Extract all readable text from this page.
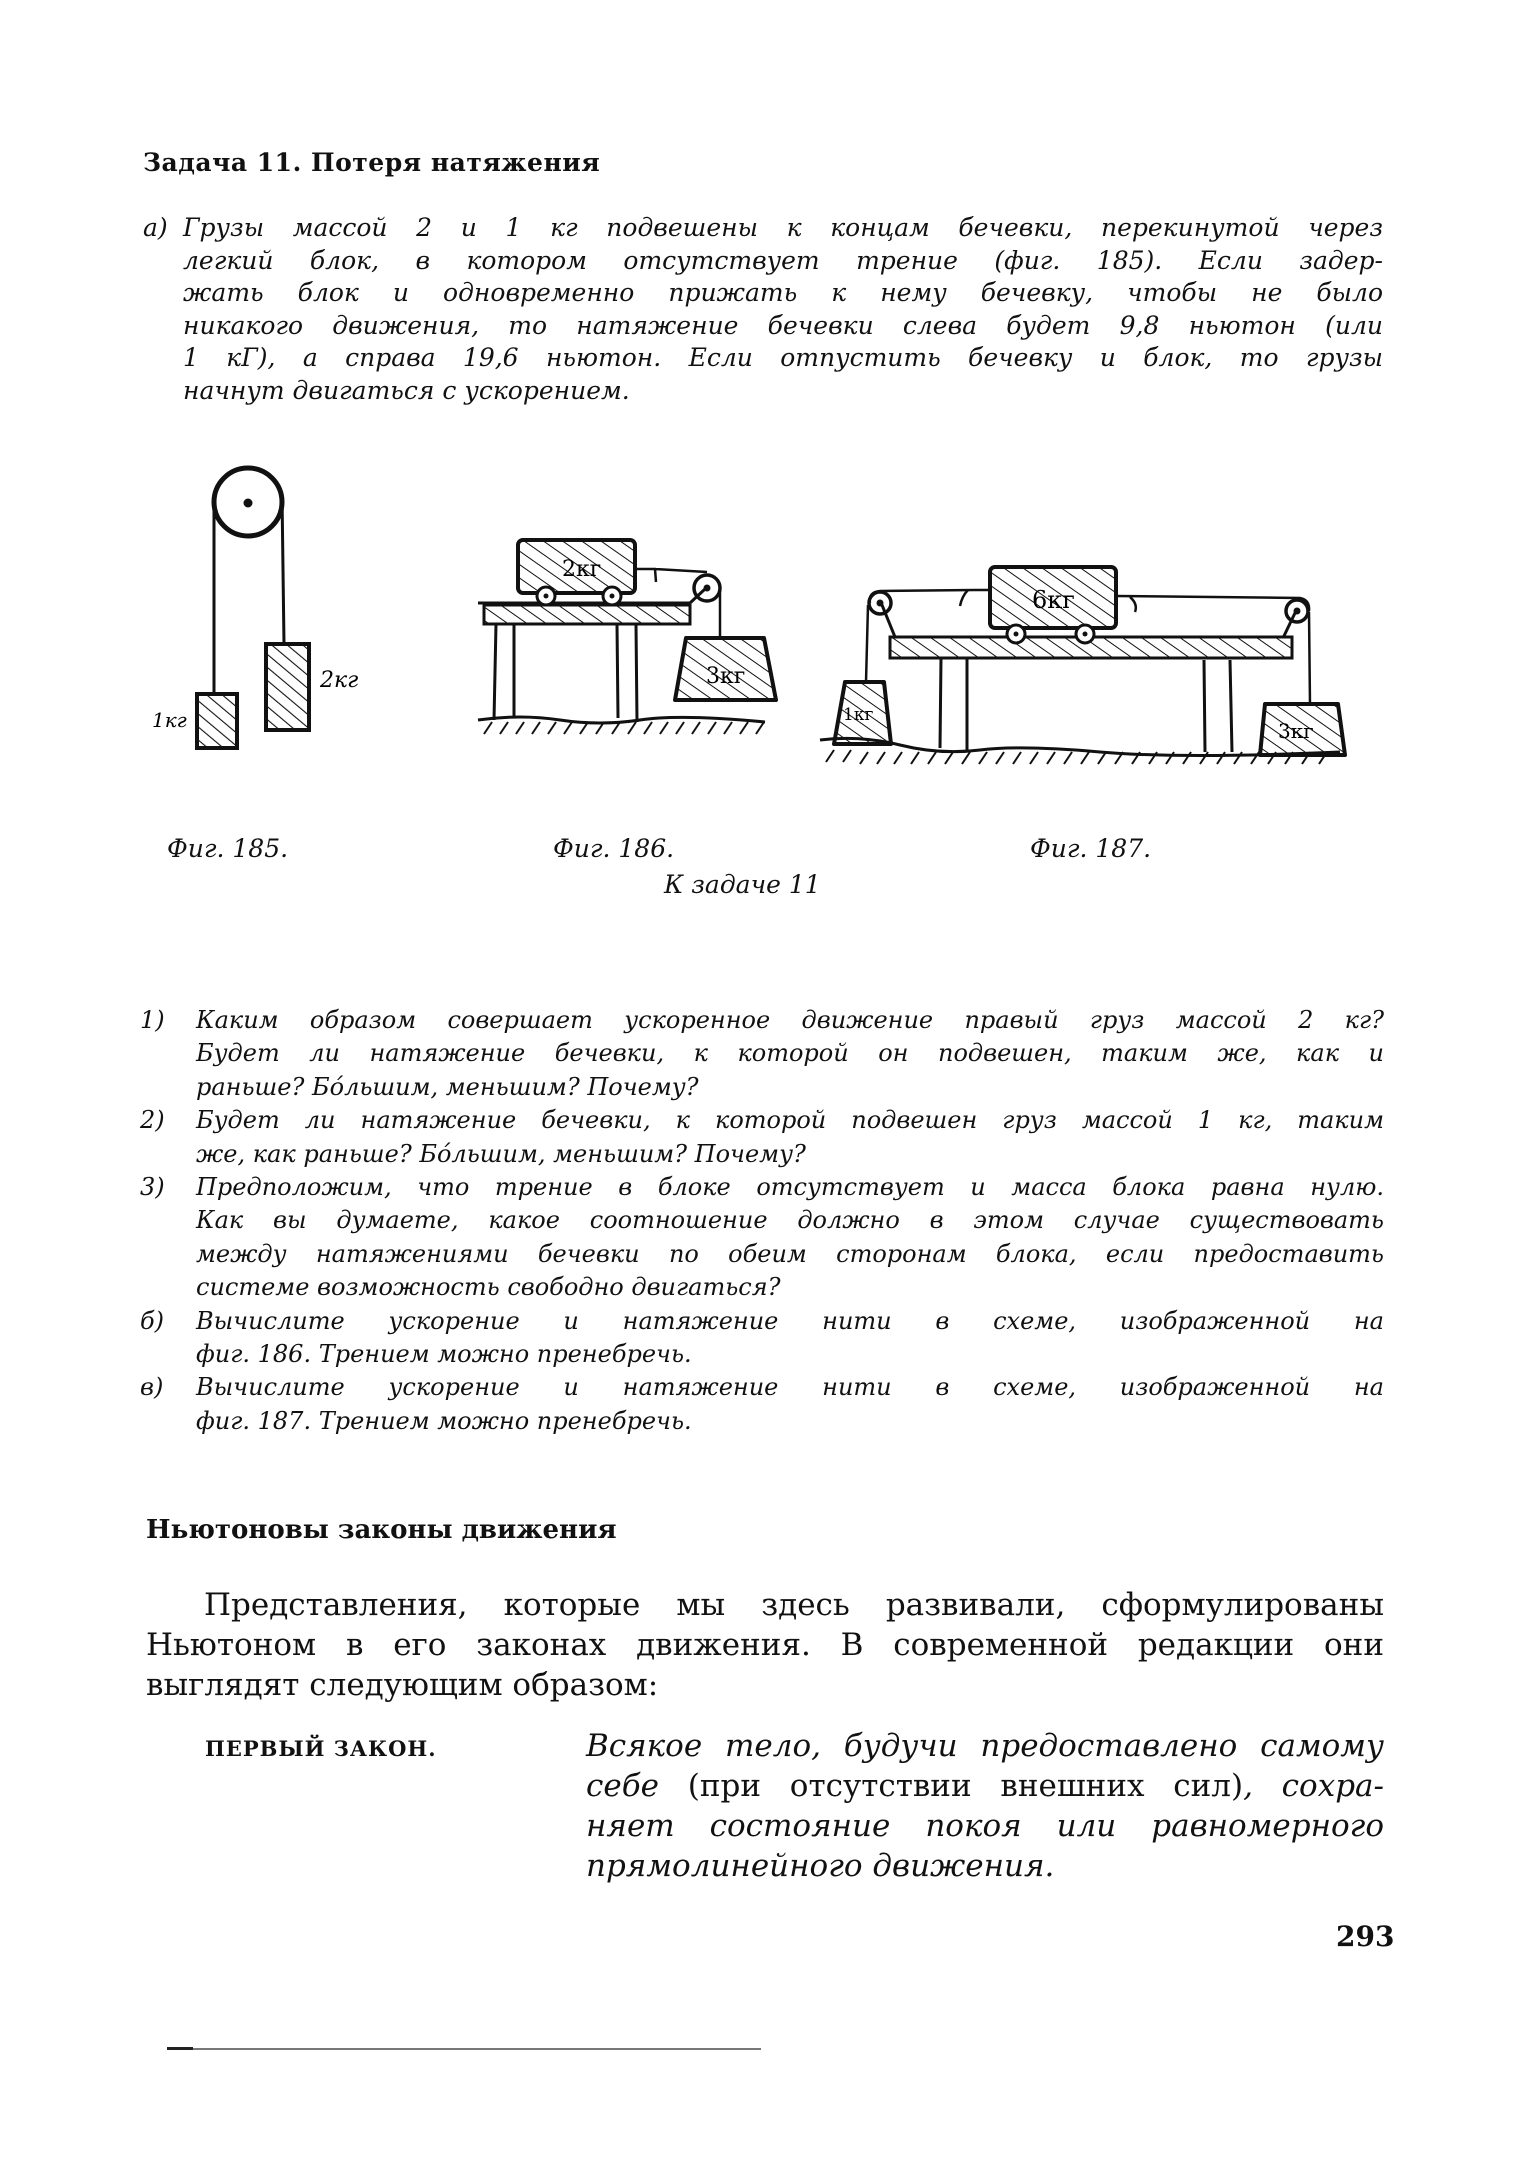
Задача 11. Потеря натяжения
а) Грузы массой 2 и 1 кг подвешены к концам бечевки, перекинутой через
легкий блок, в котором отсутствует трение (фиг. 185). Если задер-
жать блок и одновременно прижать к нему бечевку, чтобы не было
никакого движения, то натяжение бечевки слева будет 9,8 ньютон (или
1 кГ), а справа 19,6 ньютон. Если отпустить бечевку и блок, то грузы
начнут двигаться с ускорением.
1кг
2кг
2кг
3кг
6кг
1кг
3кг
Фиг. 185.	Фиг. 186.	Фиг. 187.
К задаче 11
1) Каким образом совершает ускоренное движение правый груз массой 2 кг?
Будет ли натяжение бечевки, к которой он подвешен, таким же, как и
раньше? Бóльшим, меньшим? Почему?
2) Будет ли натяжение бечевки, к которой подвешен груз массой 1 кг, таким
же, как раньше? Бóльшим, меньшим? Почему?
3) Предположим, что трение в блоке отсутствует и масса блока равна нулю.
Как вы думаете, какое соотношение должно в этом случае существовать
между натяжениями бечевки по обеим сторонам блока, если предоставить
системе возможность свободно двигаться?
б) Вычислите ускорение и натяжение нити в схеме, изображенной на
фиг. 186. Трением можно пренебречь.
в) Вычислите ускорение и натяжение нити в схеме, изображенной на
фиг. 187. Трением можно пренебречь.
Ньютоновы законы движения
Представления, которые мы здесь развивали, сформулированы
Ньютоном в его законах движения. В современной редакции они
выглядят следующим образом:
ПЕРВЫЙ ЗАКОН.	Всякое тело, будучи предоставлено самому
себе (при отсутствии внешних сил), сохра-
няет состояние покоя или равномерного
прямолинейного движения.
293
